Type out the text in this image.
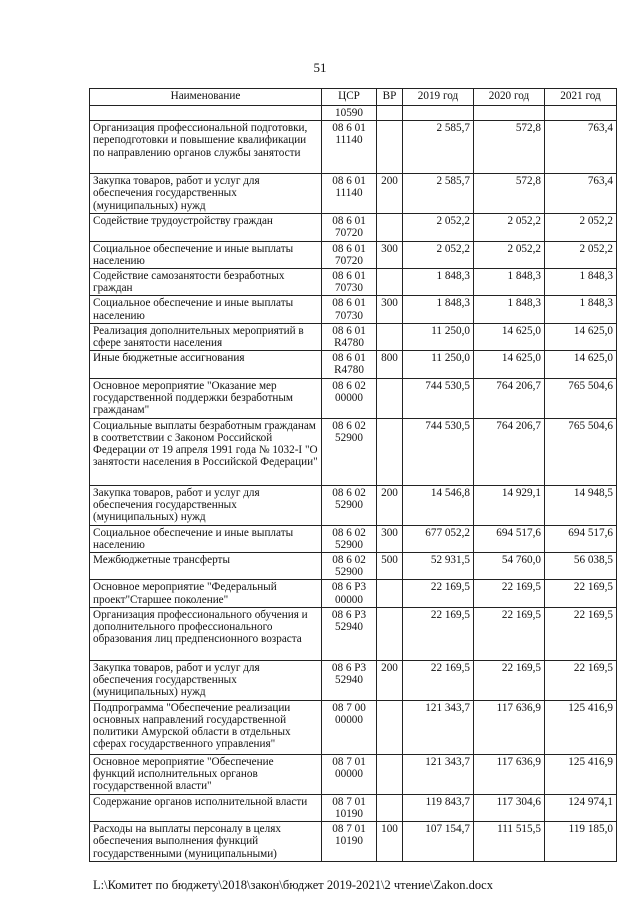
51
Наименование	ЦСР	ВР	2019 год	2020 год	2021 год
	10590				
Организация профессиональной подготовки, переподготовки и повышение квалификации по направлению органов службы занятости	08 6 01 11140		2 585,7	572,8	763,4
Закупка товаров, работ и услуг для обеспечения государственных (муниципальных) нужд	08 6 01 11140	200	2 585,7	572,8	763,4
Содействие трудоустройству граждан	08 6 01 70720		2 052,2	2 052,2	2 052,2
Социальное обеспечение и иные выплаты населению	08 6 01 70720	300	2 052,2	2 052,2	2 052,2
Содействие самозанятости безработных граждан	08 6 01 70730		1 848,3	1 848,3	1 848,3
Социальное обеспечение и иные выплаты населению	08 6 01 70730	300	1 848,3	1 848,3	1 848,3
Реализация дополнительных мероприятий в сфере занятости населения	08 6 01 R4780		11 250,0	14 625,0	14 625,0
Иные бюджетные ассигнования	08 6 01 R4780	800	11 250,0	14 625,0	14 625,0
Основное мероприятие "Оказание мер государственной поддержки безработным гражданам"	08 6 02 00000		744 530,5	764 206,7	765 504,6
Социальные выплаты безработным гражданам в соответствии с Законом Российской Федерации от 19 апреля 1991 года № 1032-I "О занятости населения в Российской Федерации"	08 6 02 52900		744 530,5	764 206,7	765 504,6
Закупка товаров, работ и услуг для обеспечения государственных (муниципальных) нужд	08 6 02 52900	200	14 546,8	14 929,1	14 948,5
Социальное обеспечение и иные выплаты населению	08 6 02 52900	300	677 052,2	694 517,6	694 517,6
Межбюджетные трансферты	08 6 02 52900	500	52 931,5	54 760,0	56 038,5
Основное мероприятие "Федеральный проект"Старшее поколение"	08 6 P3 00000		22 169,5	22 169,5	22 169,5
Организация профессионального обучения и дополнительного профессионального образования лиц предпенсионного возраста	08 6 P3 52940		22 169,5	22 169,5	22 169,5
Закупка товаров, работ и услуг для обеспечения государственных (муниципальных) нужд	08 6 P3 52940	200	22 169,5	22 169,5	22 169,5
Подпрограмма "Обеспечение реализации основных направлений государственной политики Амурской области в отдельных сферах государственного управления"	08 7 00 00000		121 343,7	117 636,9	125 416,9
Основное мероприятие "Обеспечение функций исполнительных органов государственной власти"	08 7 01 00000		121 343,7	117 636,9	125 416,9
Содержание органов исполнительной власти	08 7 01 10190		119 843,7	117 304,6	124 974,1
Расходы на выплаты персоналу в целях обеспечения выполнения функций государственными (муниципальными)	08 7 01 10190	100	107 154,7	111 515,5	119 185,0
L:\Комитет по бюджету\2018\закон\бюджет 2019-2021\2 чтение\Zakon.docx
